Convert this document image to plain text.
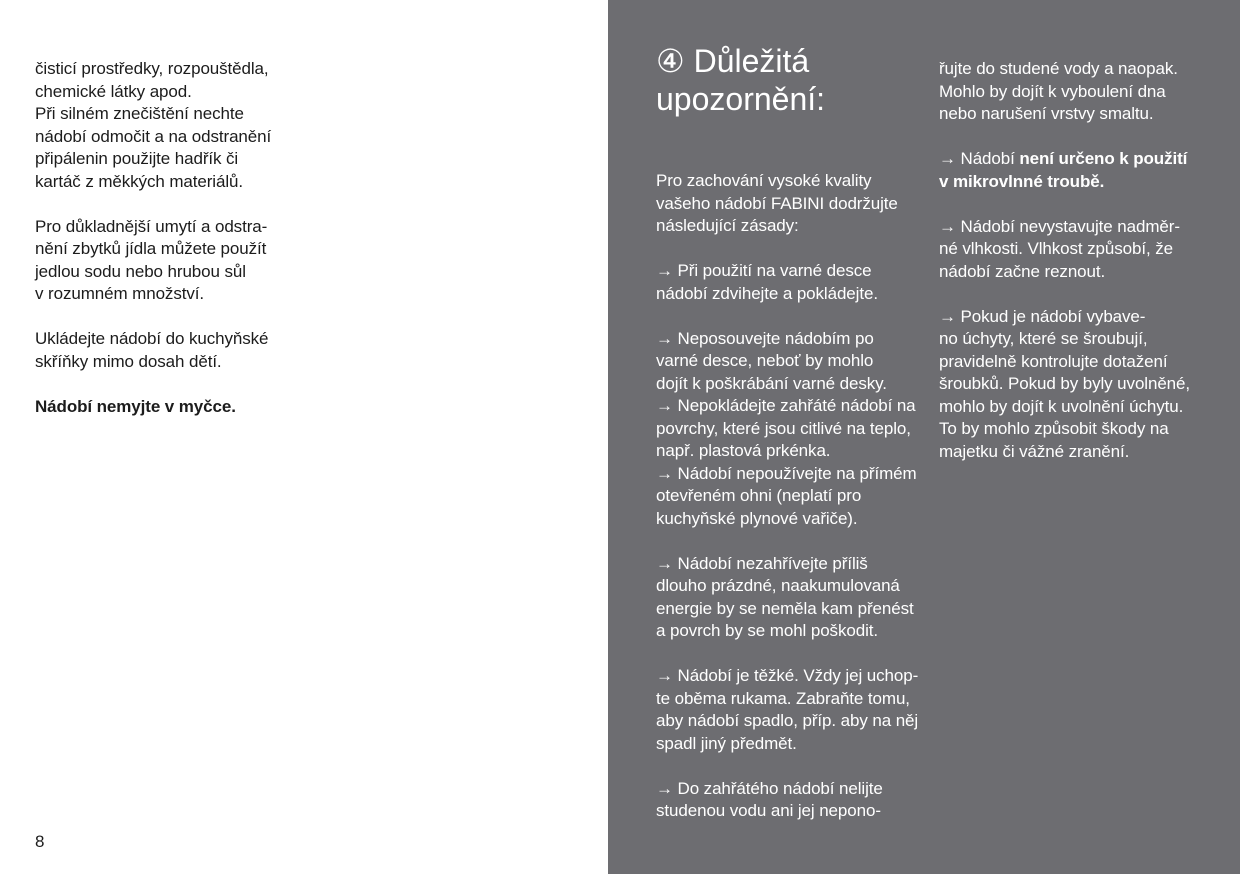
čisticí prostředky, rozpouštědla,
chemické látky apod.
Při silném znečištění nechte
nádobí odmočit a na odstranění
připálenin použijte hadřík či
kartáč z měkkých materiálů.

Pro důkladnější umytí a odstra-
nění zbytků jídla můžete použít
jedlou sodu nebo hrubou sůl
v rozumném množství.

Ukládejte nádobí do kuchyňské
skříňky mimo dosah dětí.

Nádobí nemyjte v myčce.

8
④ Důležitá
upozornění:

Pro zachování vysoké kvality
vašeho nádobí FABINI dodržujte
následující zásady:

→ Při použití na varné desce
nádobí zdvihejte a pokládejte.

→ Neposouvejte nádobím po
varné desce, neboť by mohlo
dojít k poškrábání varné desky.
→ Nepokládejte zahřáté nádobí na
povrchy, které jsou citlivé na teplo,
např. plastová prkénka.
→ Nádobí nepoužívejte na přímém
otevřeném ohni (neplatí pro
kuchyňské plynové vařiče).

→ Nádobí nezahřívejte příliš
dlouho prázdné, naakumulovaná
energie by se neměla kam přenést
a povrch by se mohl poškodit.

→ Nádobí je těžké. Vždy jej uchop-
te oběma rukama. Zabraňte tomu,
aby nádobí spadlo, příp. aby na něj
spadl jiný předmět.

→ Do zahřátého nádobí nelijte
studenou vodu ani jej nepono-

řujte do studené vody a naopak.
Mohlo by dojít k vyboulení dna
nebo narušení vrstvy smaltu.

→ Nádobí není určeno k použití
v mikrovlnné troubě.

→ Nádobí nevystavujte nadměr-
né vlhkosti. Vlhkost způsobí, že
nádobí začne reznout.

→ Pokud je nádobí vybave-
no úchyty, které se šroubují,
pravidelně kontrolujte dotažení
šroubků. Pokud by byly uvolněné,
mohlo by dojít k uvolnění úchytu.
To by mohlo způsobit škody na
majetku či vážné zranění.
